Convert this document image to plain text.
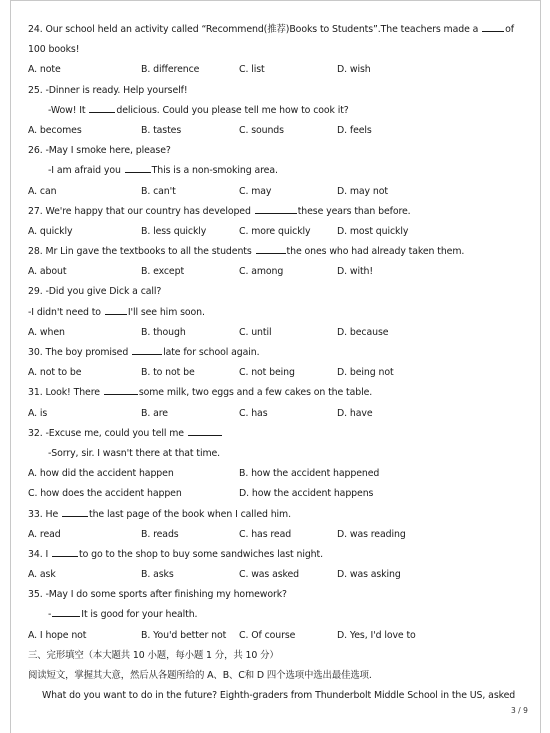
24. Our school held an activity called “Recommend(推荐)Books to Students”.The teachers made a	of
100 books!
A. note	B. difference	C. list	D. wish
25. -Dinner is ready. Help yourself!
-Wow! It	delicious. Could you please tell me how to cook it?
A. becomes	B. tastes	C. sounds	D. feels
26. -May I smoke here, please?
-I am afraid you	This is a non-smoking area.
A. can	B. can't	C. may	D. may not
27. We're happy that our country has developed	these years than before.
A. quickly	B. less quickly	C. more quickly	D. most quickly
28. Mr Lin gave the textbooks to all the students	the ones who had already taken them.
A. about	B. except	C. among	D. with!
29. -Did you give Dick a call?
-I didn't need to	I'll see him soon.
A. when	B. though	C. until	D. because
30. The boy promised	late for school again.
A. not to be	B. to not be	C. not being	D. being not
31. Look! There	some milk, two eggs and a few cakes on the table.
A. is	B. are	C. has	D. have
32. -Excuse me, could you tell me
-Sorry, sir. I wasn't there at that time.
A. how did the accident happen	B. how the accident happened
C. how does the accident happen	D. how the accident happens
33. He	the last page of the book when I called him.
A. read	B. reads	C. has read	D. was reading
34. I	to go to the shop to buy some sandwiches last night.
A. ask	B. asks	C. was asked	D. was asking
35. -May I do some sports after finishing my homework?
-	It is good for your health.
A. I hope not	B. You'd better not C. Of course	D. Yes, I'd love to
三、完形填空（本大题共 10 小题，每小题 1 分，共 10 分）
阅读短文，掌握其大意，然后从各题所给的 A、B、C和 D 四个选项中选出最佳选项.
What do you want to do in the future? Eighth-graders from Thunderbolt Middle School in the US, asked
3 / 9
